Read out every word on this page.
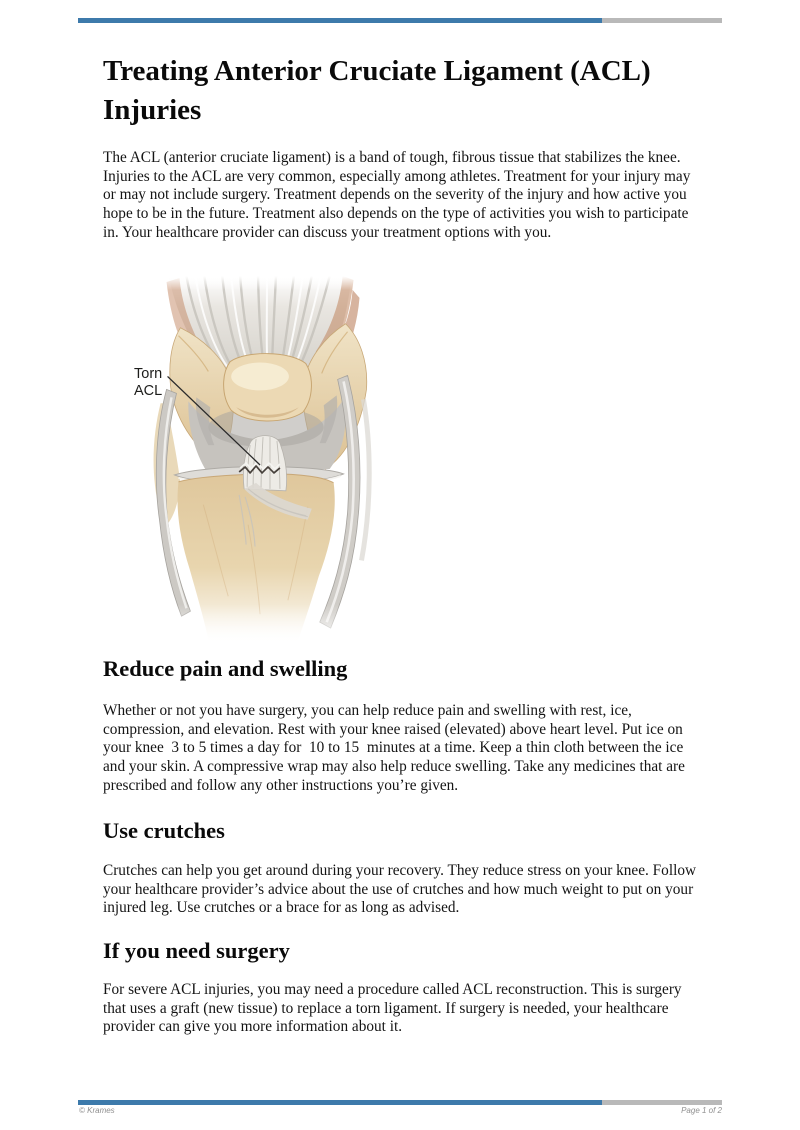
Treating Anterior Cruciate Ligament (ACL) Injuries

The ACL (anterior cruciate ligament) is a band of tough, fibrous tissue that stabilizes the knee. Injuries to the ACL are very common, especially among athletes. Treatment for your injury may or may not include surgery. Treatment depends on the severity of the injury and how active you hope to be in the future. Treatment also depends on the type of activities you wish to participate in. Your healthcare provider can discuss your treatment options with you.

Torn ACL
Reduce pain and swelling

Whether or not you have surgery, you can help reduce pain and swelling with rest, ice, compression, and elevation. Rest with your knee raised (elevated) above heart level. Put ice on your knee  3 to 5 times a day for  10 to 15  minutes at a time. Keep a thin cloth between the ice and your skin. A compressive wrap may also help reduce swelling. Take any medicines that are prescribed and follow any other instructions you’re given.

Use crutches

Crutches can help you get around during your recovery. They reduce stress on your knee. Follow your healthcare provider’s advice about the use of crutches and how much weight to put on your injured leg. Use crutches or a brace for as long as advised.

If you need surgery

For severe ACL injuries, you may need a procedure called ACL reconstruction. This is surgery that uses a graft (new tissue) to replace a torn ligament. If surgery is needed, your healthcare provider can give you more information about it.

© Krames	Page 1 of 2
